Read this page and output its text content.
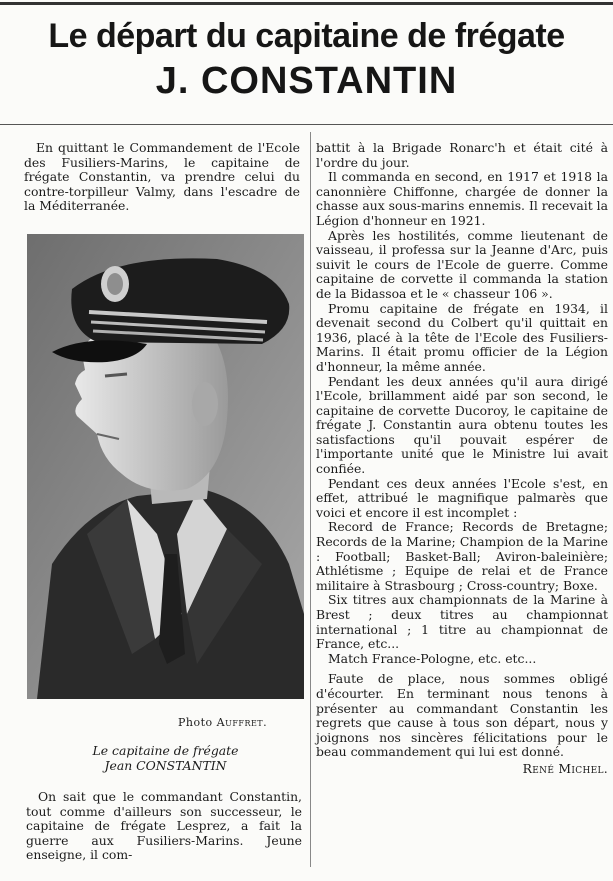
Le départ du capitaine de frégate
J. CONSTANTIN

En quittant le Commandement de l'Ecole des Fusiliers-Marins, le capitaine de frégate Constantin, va prendre celui du contre-torpilleur Valmy, dans l'escadre de la Méditerranée.

Photo Auffret.
Le capitaine de frégate
Jean CONSTANTIN

On sait que le commandant Constantin, tout comme d'ailleurs son successeur, le capitaine de frégate Lesprez, a fait la guerre aux Fusiliers-Marins. Jeune enseigne, il com-

battit à la Brigade Ronarc'h et était cité à l'ordre du jour.

Il commanda en second, en 1917 et 1918 la canonnière Chiffonne, chargée de donner la chasse aux sous-marins ennemis. Il recevait la Légion d'honneur en 1921.

Après les hostilités, comme lieutenant de vaisseau, il professa sur la Jeanne d'Arc, puis suivit le cours de l'Ecole de guerre. Comme capitaine de corvette il commanda la station de la Bidassoa et le « chasseur 106 ».

Promu capitaine de frégate en 1934, il devenait second du Colbert qu'il quittait en 1936, placé à la tête de l'Ecole des Fusiliers-Marins. Il était promu officier de la Légion d'honneur, la même année.

Pendant les deux années qu'il aura dirigé l'Ecole, brillamment aidé par son second, le capitaine de corvette Ducoroy, le capitaine de frégate J. Constantin aura obtenu toutes les satisfactions qu'il pouvait espérer de l'importante unité que le Ministre lui avait confiée.

Pendant ces deux années l'Ecole s'est, en effet, attribué le magnifique palmarès que voici et encore il est incomplet :

Record de France; Records de Bretagne; Records de la Marine; Champion de la Marine : Football; Basket-Ball; Aviron-baleinière; Athlétisme ; Equipe de relai et de France militaire à Strasbourg ; Cross-country; Boxe.

Six titres aux championnats de la Marine à Brest ; deux titres au championnat international ; 1 titre au championnat de France, etc...

Match France-Pologne, etc. etc...

Faute de place, nous sommes obligé d'écourter. En terminant nous tenons à présenter au commandant Constantin les regrets que cause à tous son départ, nous y joignons nos sincères félicitations pour le beau commandement qui lui est donné.

René Michel.
